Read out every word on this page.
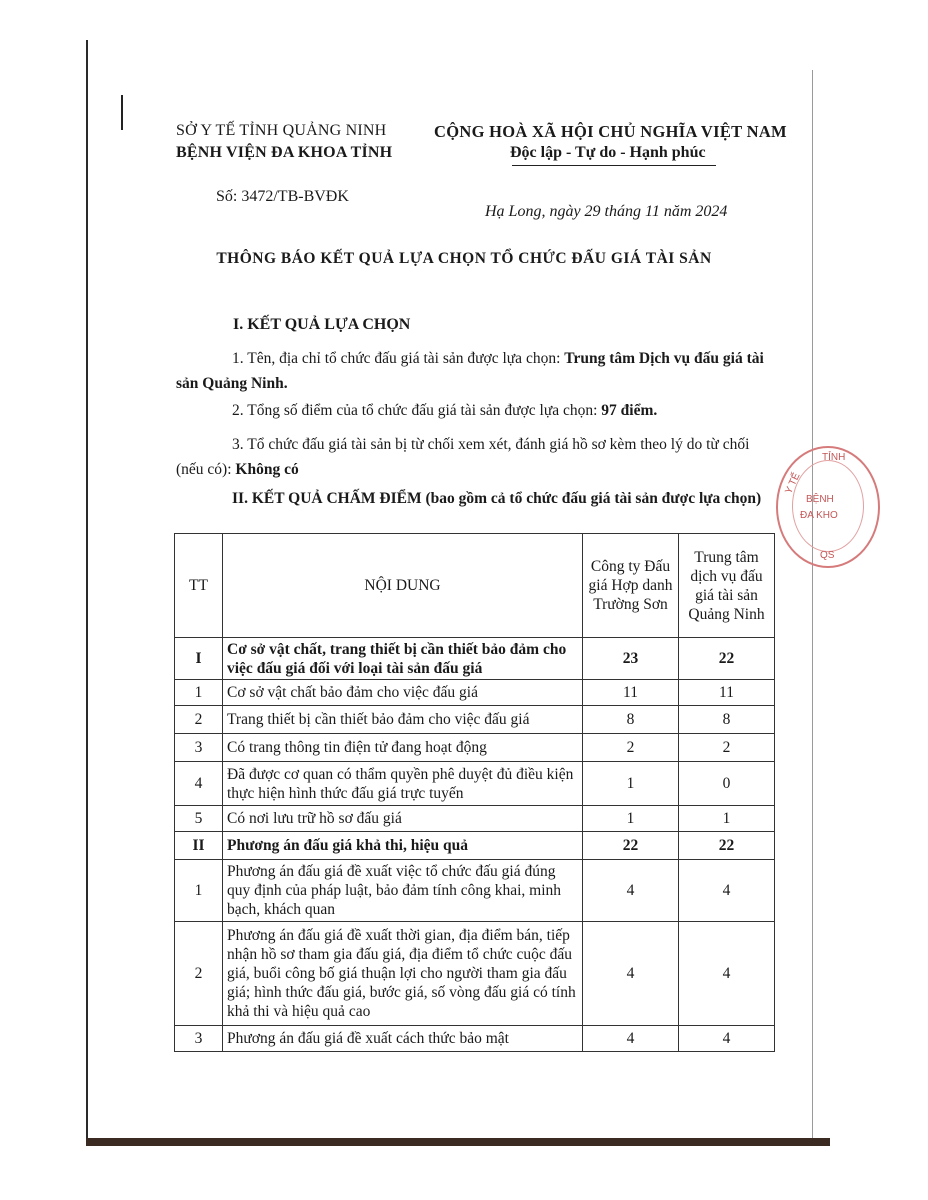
SỞ Y TẾ TỈNH QUẢNG NINH
BỆNH VIỆN ĐA KHOA TỈNH
CỘNG HOÀ XÃ HỘI CHỦ NGHĨA VIỆT NAM
Độc lập - Tự do - Hạnh phúc
Số: 3472/TB-BVĐK
Hạ Long, ngày 29 tháng 11 năm 2024
THÔNG BÁO KẾT QUẢ LỰA CHỌN TỔ CHỨC ĐẤU GIÁ TÀI SẢN
I. KẾT QUẢ LỰA CHỌN
1. Tên, địa chỉ tổ chức đấu giá tài sản được lựa chọn: Trung tâm Dịch vụ đấu giá tài sản Quảng Ninh.
2. Tổng số điểm của tổ chức đấu giá tài sản được lựa chọn: 97 điểm.
3. Tổ chức đấu giá tài sản bị từ chối xem xét, đánh giá hồ sơ kèm theo lý do từ chối (nếu có): Không có
II. KẾT QUẢ CHẤM ĐIỂM (bao gồm cả tổ chức đấu giá tài sản được lựa chọn)
TỈNH
Y TẾ
BỆNH
ĐA KHO
QS
TT	NỘI DUNG	Công ty Đấu giá Hợp danh Trường Sơn	Trung tâm dịch vụ đấu giá tài sản Quảng Ninh
I	Cơ sở vật chất, trang thiết bị cần thiết bảo đảm cho việc đấu giá đối với loại tài sản đấu giá	23	22
1	Cơ sở vật chất bảo đảm cho việc đấu giá	11	11
2	Trang thiết bị cần thiết bảo đảm cho việc đấu giá	8	8
3	Có trang thông tin điện tử đang hoạt động	2	2
4	Đã được cơ quan có thẩm quyền phê duyệt đủ điều kiện thực hiện hình thức đấu giá trực tuyến	1	0
5	Có nơi lưu trữ hồ sơ đấu giá	1	1
II	Phương án đấu giá khả thi, hiệu quả	22	22
1	Phương án đấu giá đề xuất việc tổ chức đấu giá đúng quy định của pháp luật, bảo đảm tính công khai, minh bạch, khách quan	4	4
2	Phương án đấu giá đề xuất thời gian, địa điểm bán, tiếp nhận hồ sơ tham gia đấu giá, địa điểm tổ chức cuộc đấu giá, buổi công bố giá thuận lợi cho người tham gia đấu giá; hình thức đấu giá, bước giá, số vòng đấu giá có tính khả thi và hiệu quả cao	4	4
3	Phương án đấu giá đề xuất cách thức bảo mật	4	4
